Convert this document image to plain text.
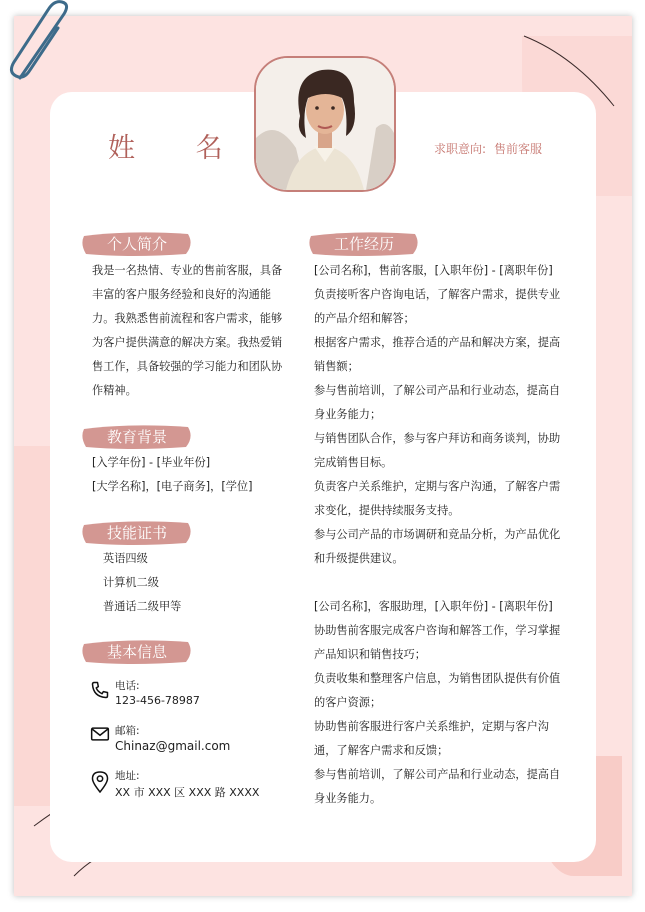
姓 名	求职意向: 售前客服
个人简介
我是一名热情、专业的售前客服，具备
丰富的客户服务经验和良好的沟通能
力。我熟悉售前流程和客户需求，能够
为客户提供满意的解决方案。我热爱销
售工作，具备较强的学习能力和团队协
作精神。
教育背景
[入学年份] - [毕业年份]
[大学名称]，[电子商务]，[学位]
技能证书
英语四级
计算机二级
普通话二级甲等
基本信息
电话:
123-456-78987
邮箱:
Chinaz@gmail.com
地址:
XX 市 XXX 区 XXX 路 XXXX
工作经历
[公司名称]，售前客服，[入职年份] - [离职年份]
负责接听客户咨询电话，了解客户需求，提供专业
的产品介绍和解答；
根据客户需求，推荐合适的产品和解决方案，提高
销售额；
参与售前培训，了解公司产品和行业动态，提高自
身业务能力；
与销售团队合作，参与客户拜访和商务谈判，协助
完成销售目标。
负责客户关系维护，定期与客户沟通，了解客户需
求变化，提供持续服务支持。
参与公司产品的市场调研和竞品分析，为产品优化
和升级提供建议。
[公司名称]，客服助理，[入职年份] - [离职年份]
协助售前客服完成客户咨询和解答工作，学习掌握
产品知识和销售技巧；
负责收集和整理客户信息，为销售团队提供有价值
的客户资源；
协助售前客服进行客户关系维护，定期与客户沟
通，了解客户需求和反馈；
参与售前培训，了解公司产品和行业动态，提高自
身业务能力。
